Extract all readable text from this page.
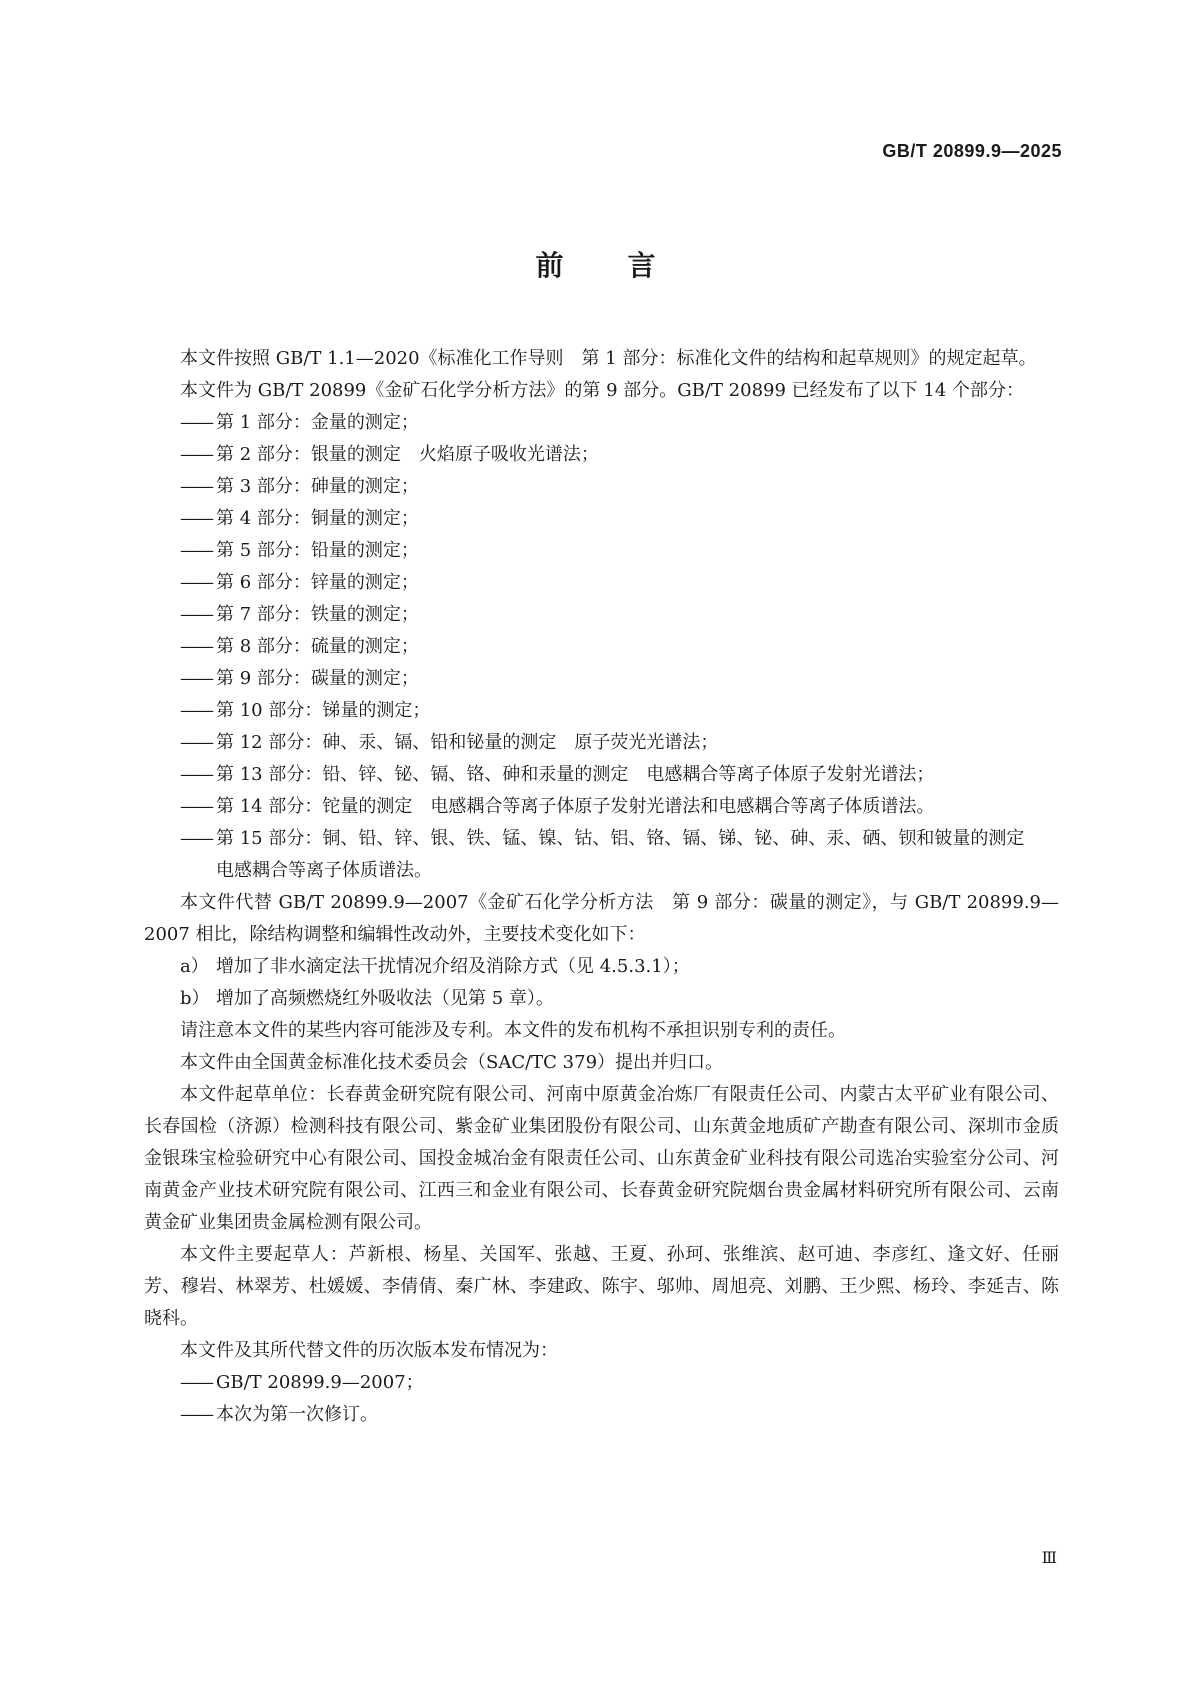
GB/T 20899.9—2025
前言

本文件按照 GB/T 1.1—2020《标准化工作导则　第 1 部分：标准化文件的结构和起草规则》的规定起草。

本文件为 GB/T 20899《金矿石化学分析方法》的第 9 部分。GB/T 20899 已经发布了以下 14 个部分：

—— 第 1 部分：金量的测定；

—— 第 2 部分：银量的测定　火焰原子吸收光谱法；

—— 第 3 部分：砷量的测定；

—— 第 4 部分：铜量的测定；

—— 第 5 部分：铅量的测定；

—— 第 6 部分：锌量的测定；

—— 第 7 部分：铁量的测定；

—— 第 8 部分：硫量的测定；

—— 第 9 部分：碳量的测定；

—— 第 10 部分：锑量的测定；

—— 第 12 部分：砷、汞、镉、铅和铋量的测定　原子荧光光谱法；

—— 第 13 部分：铅、锌、铋、镉、铬、砷和汞量的测定　电感耦合等离子体原子发射光谱法；

—— 第 14 部分：铊量的测定　电感耦合等离子体原子发射光谱法和电感耦合等离子体质谱法。

—— 第 15 部分：铜、铅、锌、银、铁、锰、镍、钴、铝、铬、镉、锑、铋、砷、汞、硒、钡和铍量的测定　电感耦合等离子体质谱法。

本文件代替 GB/T 20899.9—2007《金矿石化学分析方法　第 9 部分：碳量的测定》，与 GB/T 20899.9—2007 相比，除结构调整和编辑性改动外，主要技术变化如下：

a） 增加了非水滴定法干扰情况介绍及消除方式（见 4.5.3.1）；

b） 增加了高频燃烧红外吸收法（见第 5 章）。

请注意本文件的某些内容可能涉及专利。本文件的发布机构不承担识别专利的责任。

本文件由全国黄金标准化技术委员会（SAC/TC 379）提出并归口。

本文件起草单位：长春黄金研究院有限公司、河南中原黄金冶炼厂有限责任公司、内蒙古太平矿业有限公司、长春国检（济源）检测科技有限公司、紫金矿业集团股份有限公司、山东黄金地质矿产勘查有限公司、深圳市金质金银珠宝检验研究中心有限公司、国投金城冶金有限责任公司、山东黄金矿业科技有限公司选冶实验室分公司、河南黄金产业技术研究院有限公司、江西三和金业有限公司、长春黄金研究院烟台贵金属材料研究所有限公司、云南黄金矿业集团贵金属检测有限公司。

本文件主要起草人：芦新根、杨星、关国军、张越、王夏、孙珂、张维滨、赵可迪、李彦红、逢文好、任丽芳、穆岩、林翠芳、杜媛媛、李倩倩、秦广林、李建政、陈宇、邬帅、周旭亮、刘鹏、王少熙、杨玲、李延吉、陈晓科。

本文件及其所代替文件的历次版本发布情况为：

—— GB/T 20899.9—2007；

—— 本次为第一次修订。

Ⅲ
